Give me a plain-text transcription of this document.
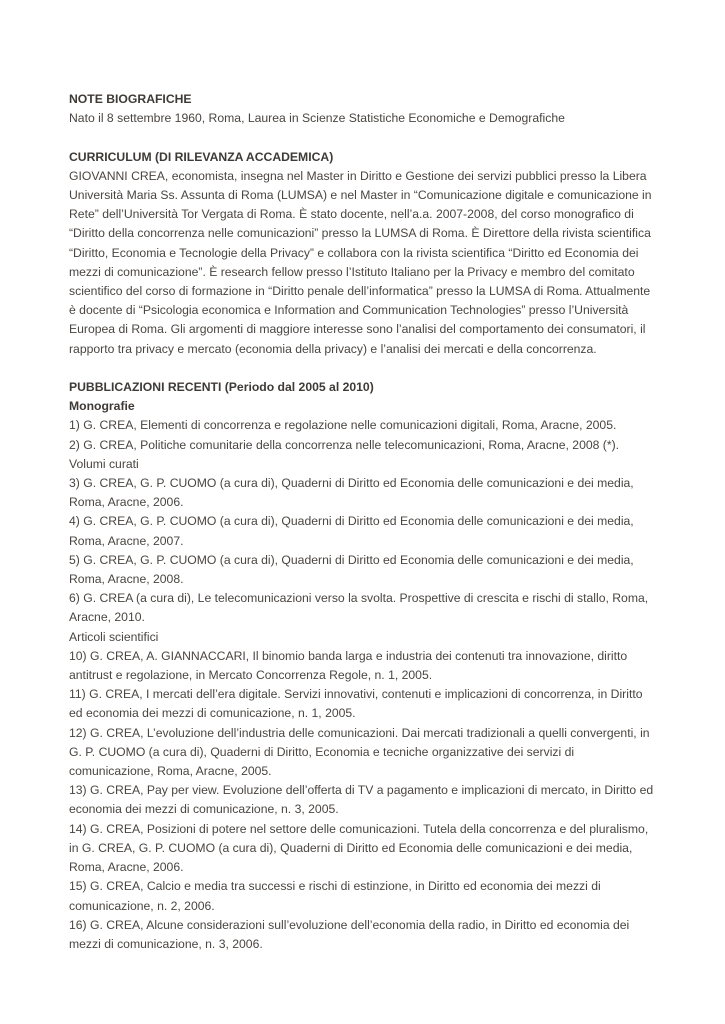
NOTE BIOGRAFICHE
Nato il 8 settembre 1960, Roma, Laurea in Scienze Statistiche Economiche e Demografiche
CURRICULUM (DI RILEVANZA ACCADEMICA)
GIOVANNI CREA, economista, insegna nel Master in Diritto e Gestione dei servizi pubblici presso la Libera
Università Maria Ss. Assunta di Roma (LUMSA) e nel Master in “Comunicazione digitale e comunicazione in
Rete” dell’Università Tor Vergata di Roma. È stato docente, nell’a.a. 2007-2008, del corso monografico di
“Diritto della concorrenza nelle comunicazioni” presso la LUMSA di Roma. È Direttore della rivista scientifica
“Diritto, Economia e Tecnologie della Privacy” e collabora con la rivista scientifica “Diritto ed Economia dei
mezzi di comunicazione”. È research fellow presso l’Istituto Italiano per la Privacy e membro del comitato
scientifico del corso di formazione in “Diritto penale dell’informatica” presso la LUMSA di Roma. Attualmente
è docente di “Psicologia economica e Information and Communication Technologies” presso l’Università
Europea di Roma. Gli argomenti di maggiore interesse sono l’analisi del comportamento dei consumatori, il
rapporto tra privacy e mercato (economia della privacy) e l’analisi dei mercati e della concorrenza.
PUBBLICAZIONI RECENTI (Periodo dal 2005 al 2010)
Monografie
1) G. CREA, Elementi di concorrenza e regolazione nelle comunicazioni digitali, Roma, Aracne, 2005.
2) G. CREA, Politiche comunitarie della concorrenza nelle telecomunicazioni, Roma, Aracne, 2008 (*).
Volumi curati
3) G. CREA, G. P. CUOMO (a cura di), Quaderni di Diritto ed Economia delle comunicazioni e dei media,
Roma, Aracne, 2006.
4) G. CREA, G. P. CUOMO (a cura di), Quaderni di Diritto ed Economia delle comunicazioni e dei media,
Roma, Aracne, 2007.
5) G. CREA, G. P. CUOMO (a cura di), Quaderni di Diritto ed Economia delle comunicazioni e dei media,
Roma, Aracne, 2008.
6) G. CREA (a cura di), Le telecomunicazioni verso la svolta. Prospettive di crescita e rischi di stallo, Roma,
Aracne, 2010.
Articoli scientifici
10) G. CREA, A. GIANNACCARI, Il binomio banda larga e industria dei contenuti tra innovazione, diritto
antitrust e regolazione, in Mercato Concorrenza Regole, n. 1, 2005.
11) G. CREA, I mercati dell’era digitale. Servizi innovativi, contenuti e implicazioni di concorrenza, in Diritto
ed economia dei mezzi di comunicazione, n. 1, 2005.
12) G. CREA, L’evoluzione dell’industria delle comunicazioni. Dai mercati tradizionali a quelli convergenti, in
G. P. CUOMO (a cura di), Quaderni di Diritto, Economia e tecniche organizzative dei servizi di
comunicazione, Roma, Aracne, 2005.
13) G. CREA, Pay per view. Evoluzione dell’offerta di TV a pagamento e implicazioni di mercato, in Diritto ed
economia dei mezzi di comunicazione, n. 3, 2005.
14) G. CREA, Posizioni di potere nel settore delle comunicazioni. Tutela della concorrenza e del pluralismo,
in G. CREA, G. P. CUOMO (a cura di), Quaderni di Diritto ed Economia delle comunicazioni e dei media,
Roma, Aracne, 2006.
15) G. CREA, Calcio e media tra successi e rischi di estinzione, in Diritto ed economia dei mezzi di
comunicazione, n. 2, 2006.
16) G. CREA, Alcune considerazioni sull’evoluzione dell’economia della radio, in Diritto ed economia dei
mezzi di comunicazione, n. 3, 2006.
